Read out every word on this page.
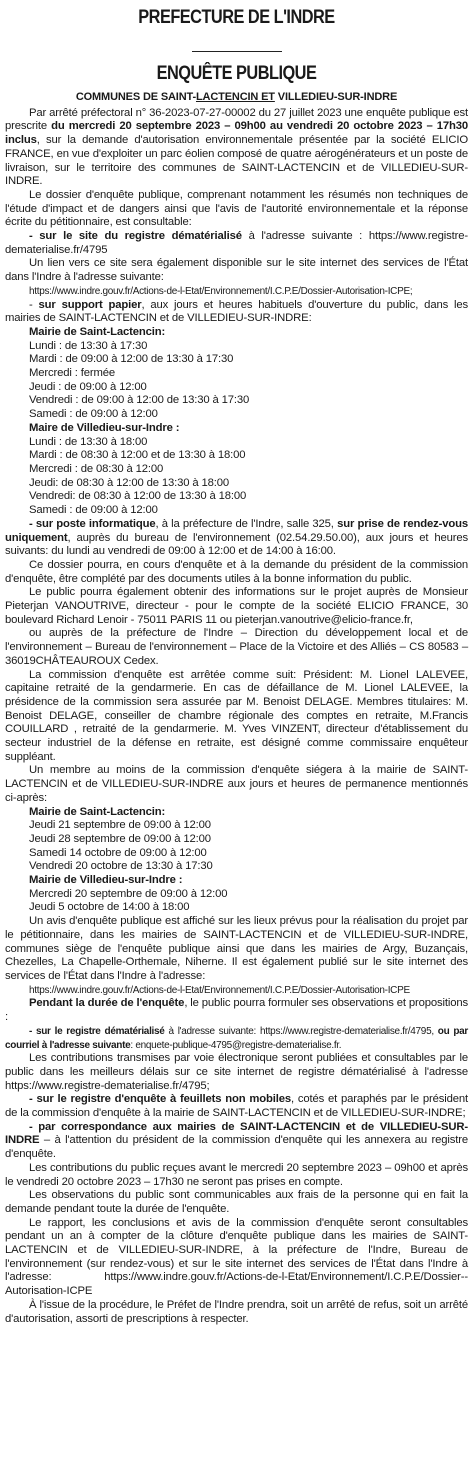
PREFECTURE DE L'INDRE
ENQUÊTE PUBLIQUE
COMMUNES DE SAINT-LACTENCIN ET VILLEDIEU-SUR-INDRE

Par arrêté préfectoral n° 36-2023-07-27-00002 du 27 juillet 2023 une enquête publique est prescrite du mercredi 20 septembre 2023 – 09h00 au vendredi 20 octobre 2023 – 17h30 inclus, sur la demande d'autorisation environnementale présentée par la société ELICIO FRANCE, en vue d'exploiter un parc éolien composé de quatre aérogénérateurs et un poste de livraison, sur le territoire des communes de SAINT-LACTENCIN et de VILLEDIEU-SUR-INDRE.

Le dossier d'enquête publique, comprenant notamment les résumés non techniques de l'étude d'impact et de dangers ainsi que l'avis de l'autorité environnementale et la réponse écrite du pétitionnaire, est consultable:

- sur le site du registre dématérialisé à l'adresse suivante : https://www.registre-dematerialise.fr/4795

Un lien vers ce site sera également disponible sur le site internet des services de l'État dans l'Indre à l'adresse suivante:

https://www.indre.gouv.fr/Actions-de-l-Etat/Environnement/I.C.P.E/Dossier-Autorisation-ICPE;

- sur support papier, aux jours et heures habituels d'ouverture du public, dans les mairies de SAINT-LACTENCIN et de VILLEDIEU-SUR-INDRE:

Mairie de Saint-Lactencin:
Lundi : de 13:30 à 17:30
Mardi : de 09:00 à 12:00 de 13:30 à 17:30
Mercredi : fermée
Jeudi : de 09:00 à 12:00
Vendredi : de 09:00 à 12:00 de 13:30 à 17:30
Samedi : de 09:00 à 12:00
Maire de Villedieu-sur-Indre :
Lundi : de 13:30 à 18:00
Mardi : de 08:30 à 12:00 et de 13:30 à 18:00
Mercredi : de 08:30 à 12:00
Jeudi: de 08:30 à 12:00 de 13:30 à 18:00
Vendredi: de 08:30 à 12:00 de 13:30 à 18:00
Samedi : de 09:00 à 12:00

- sur poste informatique, à la préfecture de l'Indre, salle 325, sur prise de rendez-vous uniquement, auprès du bureau de l'environnement (02.54.29.50.00), aux jours et heures suivants: du lundi au vendredi de 09:00 à 12:00 et de 14:00 à 16:00.

Ce dossier pourra, en cours d'enquête et à la demande du président de la commission d'enquête, être complété par des documents utiles à la bonne information du public.

Le public pourra également obtenir des informations sur le projet auprès de Monsieur Pieterjan VANOUTRIVE, directeur - pour le compte de la société ELICIO FRANCE, 30 boulevard Richard Lenoir - 75011 PARIS 11 ou pieterjan.vanoutrive@elicio-france.fr,

ou auprès de la préfecture de l'Indre – Direction du développement local et de l'environnement – Bureau de l'environnement – Place de la Victoire et des Alliés – CS 80583 – 36019CHÂTEAUROUX Cedex.

La commission d'enquête est arrêtée comme suit: Président: M. Lionel LALEVEE, capitaine retraité de la gendarmerie. En cas de défaillance de M. Lionel LALEVEE, la présidence de la commission sera assurée par M. Benoist DELAGE. Membres titulaires: M. Benoist DELAGE, conseiller de chambre régionale des comptes en retraite, M.Francis COUILLARD , retraité de la gendarmerie. M. Yves VINZENT, directeur d'établissement du secteur industriel de la défense en retraite, est désigné comme commissaire enquêteur suppléant.

Un membre au moins de la commission d'enquête siégera à la mairie de SAINT-LACTENCIN et de VILLEDIEU-SUR-INDRE aux jours et heures de permanence mentionnés ci-après:

Mairie de Saint-Lactencin:
Jeudi 21 septembre de 09:00 à 12:00
Jeudi 28 septembre de 09:00 à 12:00
Samedi 14 octobre de 09:00 à 12:00
Vendredi 20 octobre de 13:30 à 17:30
Mairie de Villedieu-sur-Indre :
Mercredi 20 septembre de 09:00 à 12:00
Jeudi 5 octobre de 14:00 à 18:00

Un avis d'enquête publique est affiché sur les lieux prévus pour la réalisation du projet par le pétitionnaire, dans les mairies de SAINT-LACTENCIN et de VILLEDIEU-SUR-INDRE, communes siège de l'enquête publique ainsi que dans les mairies de Argy, Buzançais, Chezelles, La Chapelle-Orthemale, Niherne. Il est également publié sur le site internet des services de l'État dans l'Indre à l'adresse:

https://www.indre.gouv.fr/Actions-de-l-Etat/Environnement/I.C.P.E/Dossier-Autorisation-ICPE

Pendant la durée de l'enquête, le public pourra formuler ses observations et propositions :

- sur le registre dématérialisé à l'adresse suivante: https://www.registre-dematerialise.fr/4795, ou par courriel à l'adresse suivante: enquete-publique-4795@registre-dematerialise.fr.

Les contributions transmises par voie électronique seront publiées et consultables par le public dans les meilleurs délais sur ce site internet de registre dématérialisé à l'adresse https://www.registre-dematerialise.fr/4795;

- sur le registre d'enquête à feuillets non mobiles, cotés et paraphés par le président de la commission d'enquête à la mairie de SAINT-LACTENCIN et de VILLEDIEU-SUR-INDRE;

- par correspondance aux mairies de SAINT-LACTENCIN et de VILLEDIEU-SUR-INDRE – à l'attention du président de la commission d'enquête qui les annexera au registre d'enquête.

Les contributions du public reçues avant le mercredi 20 septembre 2023 – 09h00 et après le vendredi 20 octobre 2023 – 17h30 ne seront pas prises en compte.

Les observations du public sont communicables aux frais de la personne qui en fait la demande pendant toute la durée de l'enquête.

Le rapport, les conclusions et avis de la commission d'enquête seront consultables pendant un an à compter de la clôture d'enquête publique dans les mairies de SAINT-LACTENCIN et de VILLEDIEU-SUR-INDRE, à la préfecture de l'Indre, Bureau de l'environnement (sur rendez-vous) et sur le site internet des services de l'État dans l'Indre à l'adresse: https://www.indre.gouv.fr/Actions-de-l-Etat/Environnement/I.C.P.E/Dossier--Autorisation-ICPE

À l'issue de la procédure, le Préfet de l'Indre prendra, soit un arrêté de refus, soit un arrêté d'autorisation, assorti de prescriptions à respecter.
